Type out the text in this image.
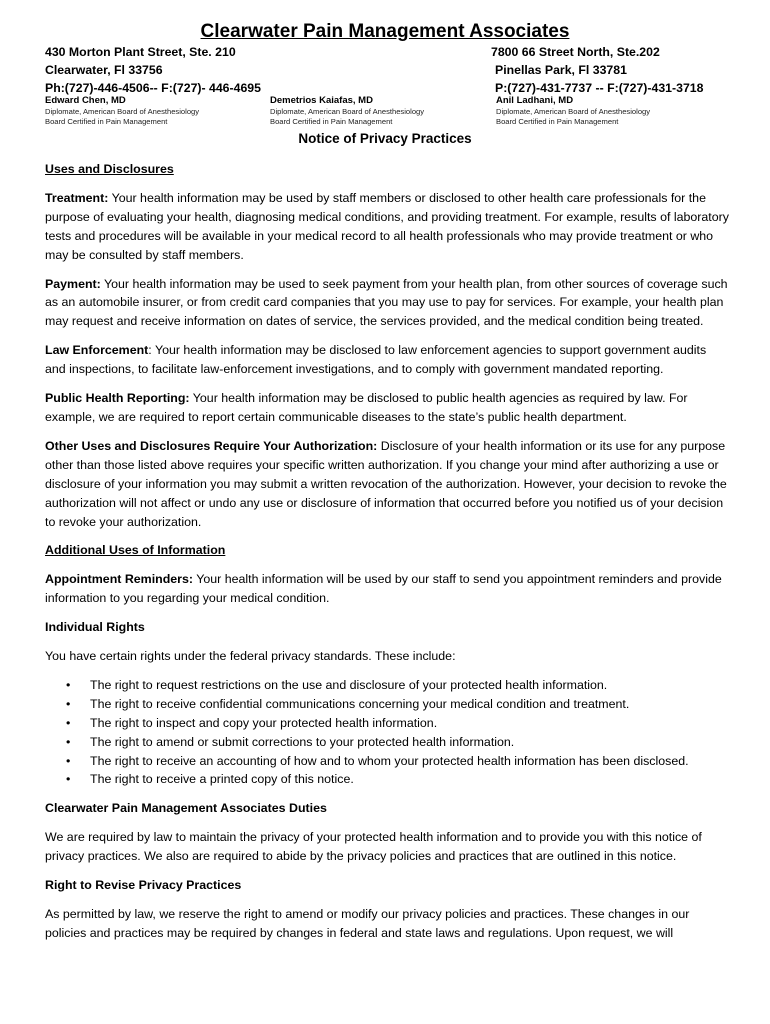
Clearwater Pain Management Associates
430 Morton Plant Street, Ste. 210
Clearwater, Fl 33756
Ph:(727)-446-4506-- F:(727)- 446-4695
7800 66 Street North, Ste.202
Pinellas Park, Fl 33781
P:(727)-431-7737 -- F:(727)-431-3718
Edward Chen, MD
Diplomate, American Board of Anesthesiology
Board Certified in Pain Management
Demetrios Kaiafas, MD
Diplomate, American Board of Anesthesiology
Board Certified in Pain Management
Anil Ladhani, MD
Diplomate, American Board of Anesthesiology
Board Certified in Pain Management
Notice of Privacy Practices

Uses and Disclosures

Treatment: Your health information may be used by staff members or disclosed to other health care professionals for the purpose of evaluating your health, diagnosing medical conditions, and providing treatment. For example, results of laboratory tests and procedures will be available in your medical record to all health professionals who may provide treatment or who may be consulted by staff members.

Payment: Your health information may be used to seek payment from your health plan, from other sources of coverage such as an automobile insurer, or from credit card companies that you may use to pay for services. For example, your health plan may request and receive information on dates of service, the services provided, and the medical condition being treated.

Law Enforcement: Your health information may be disclosed to law enforcement agencies to support government audits and inspections, to facilitate law-enforcement investigations, and to comply with government mandated reporting.

Public Health Reporting: Your health information may be disclosed to public health agencies as required by law. For example, we are required to report certain communicable diseases to the state’s public health department.

Other Uses and Disclosures Require Your Authorization: Disclosure of your health information or its use for any purpose other than those listed above requires your specific written authorization. If you change your mind after authorizing a use or disclosure of your information you may submit a written revocation of the authorization. However, your decision to revoke the authorization will not affect or undo any use or disclosure of information that occurred before you notified us of your decision to revoke your authorization.

Additional Uses of Information

Appointment Reminders: Your health information will be used by our staff to send you appointment reminders and provide information to you regarding your medical condition.

Individual Rights

You have certain rights under the federal privacy standards. These include:

• The right to request restrictions on the use and disclosure of your protected health information.
• The right to receive confidential communications concerning your medical condition and treatment.
• The right to inspect and copy your protected health information.
• The right to amend or submit corrections to your protected health information.
• The right to receive an accounting of how and to whom your protected health information has been disclosed.
• The right to receive a printed copy of this notice.

Clearwater Pain Management Associates Duties

We are required by law to maintain the privacy of your protected health information and to provide you with this notice of privacy practices. We also are required to abide by the privacy policies and practices that are outlined in this notice.

Right to Revise Privacy Practices

As permitted by law, we reserve the right to amend or modify our privacy policies and practices. These changes in our policies and practices may be required by changes in federal and state laws and regulations. Upon request, we will
